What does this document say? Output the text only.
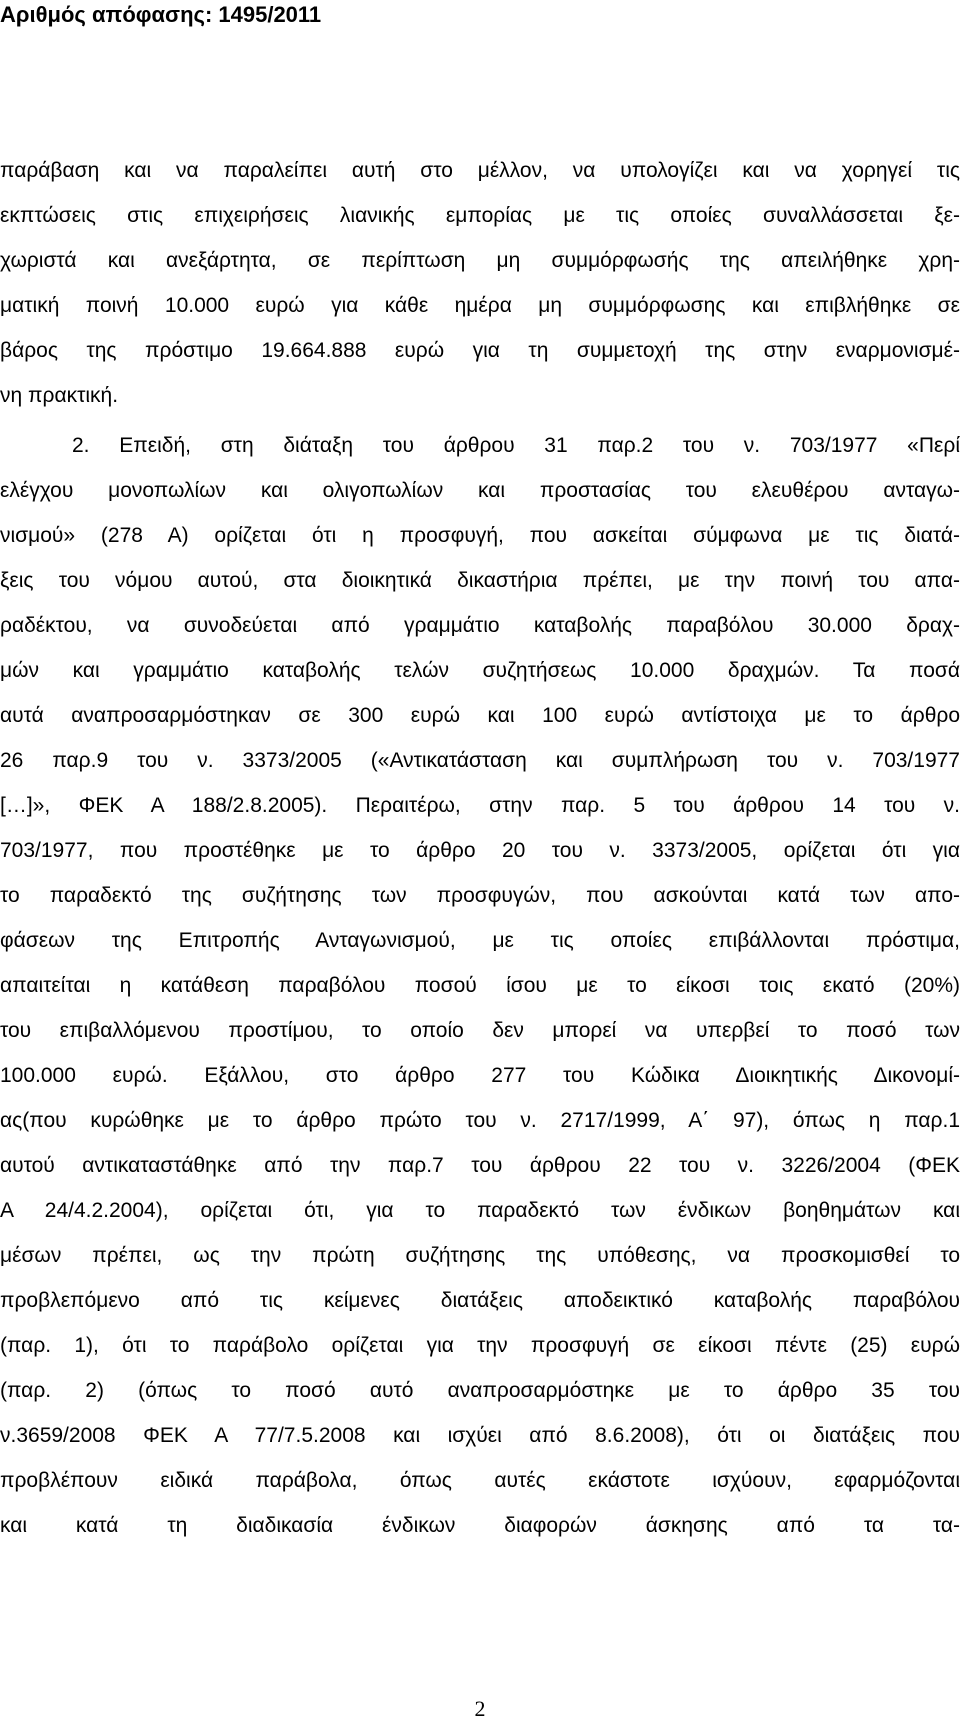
Αριθμός απόφασης: 1495/2011

παράβαση και να παραλείπει αυτή στο μέλλον, να υπολογίζει και να χορηγεί τις

εκπτώσεις στις επιχειρήσεις λιανικής εμπορίας με τις οποίες συναλλάσσεται ξε-

χωριστά και ανεξάρτητα, σε περίπτωση μη συμμόρφωσής της απειλήθηκε χρη-

ματική ποινή 10.000 ευρώ για κάθε ημέρα μη συμμόρφωσης και επιβλήθηκε σε

βάρος της πρόστιμο 19.664.888 ευρώ για τη συμμετοχή της στην εναρμονισμέ-

νη πρακτική.

2. Επειδή, στη διάταξη του άρθρου 31 παρ.2 του ν. 703/1977 «Περί

ελέγχου μονοπωλίων και ολιγοπωλίων και προστασίας του ελευθέρου ανταγω-

νισμού» (278 Α) ορίζεται ότι η προσφυγή, που ασκείται σύμφωνα με τις διατά-

ξεις του νόμου αυτού, στα διοικητικά δικαστήρια πρέπει, με την ποινή του απα-

ραδέκτου, να συνοδεύεται από γραμμάτιο καταβολής παραβόλου 30.000 δραχ-

μών και γραμμάτιο καταβολής τελών συζητήσεως 10.000 δραχμών. Τα ποσά

αυτά αναπροσαρμόστηκαν σε 300 ευρώ και 100 ευρώ αντίστοιχα με το άρθρο

26 παρ.9 του ν. 3373/2005 («Αντικατάσταση και συμπλήρωση του ν. 703/1977

[…]», ΦΕΚ Α 188/2.8.2005). Περαιτέρω, στην παρ. 5 του άρθρου 14 του ν.

703/1977, που προστέθηκε με το άρθρο 20 του ν. 3373/2005, ορίζεται ότι για

το παραδεκτό της συζήτησης των προσφυγών, που ασκούνται κατά των απο-

φάσεων της Επιτροπής Ανταγωνισμού, με τις οποίες επιβάλλονται πρόστιμα,

απαιτείται η κατάθεση παραβόλου ποσού ίσου με το είκοσι τοις εκατό (20%)

του επιβαλλόμενου προστίμου, το οποίο δεν μπορεί να υπερβεί το ποσό των

100.000 ευρώ. Εξάλλου, στο άρθρο 277 του Κώδικα Διοικητικής Δικονομί-

ας(που κυρώθηκε με το άρθρο πρώτο του ν. 2717/1999, Α΄ 97), όπως η παρ.1

αυτού αντικαταστάθηκε από την παρ.7 του άρθρου 22 του ν. 3226/2004 (ΦΕΚ

Α 24/4.2.2004), ορίζεται ότι, για το παραδεκτό των ένδικων βοηθημάτων και

μέσων πρέπει, ως την πρώτη συζήτησης της υπόθεσης, να προσκομισθεί το

προβλεπόμενο από τις κείμενες διατάξεις αποδεικτικό καταβολής παραβόλου

(παρ. 1), ότι το παράβολο ορίζεται για την προσφυγή σε είκοσι πέντε (25) ευρώ

(παρ. 2) (όπως το ποσό αυτό αναπροσαρμόστηκε με το άρθρο 35 του

ν.3659/2008 ΦΕΚ Α 77/7.5.2008 και ισχύει από 8.6.2008), ότι οι διατάξεις που

προβλέπουν ειδικά παράβολα, όπως αυτές εκάστοτε ισχύουν, εφαρμόζονται

και κατά τη διαδικασία ένδικων διαφορών άσκησης από τα τα-

2
